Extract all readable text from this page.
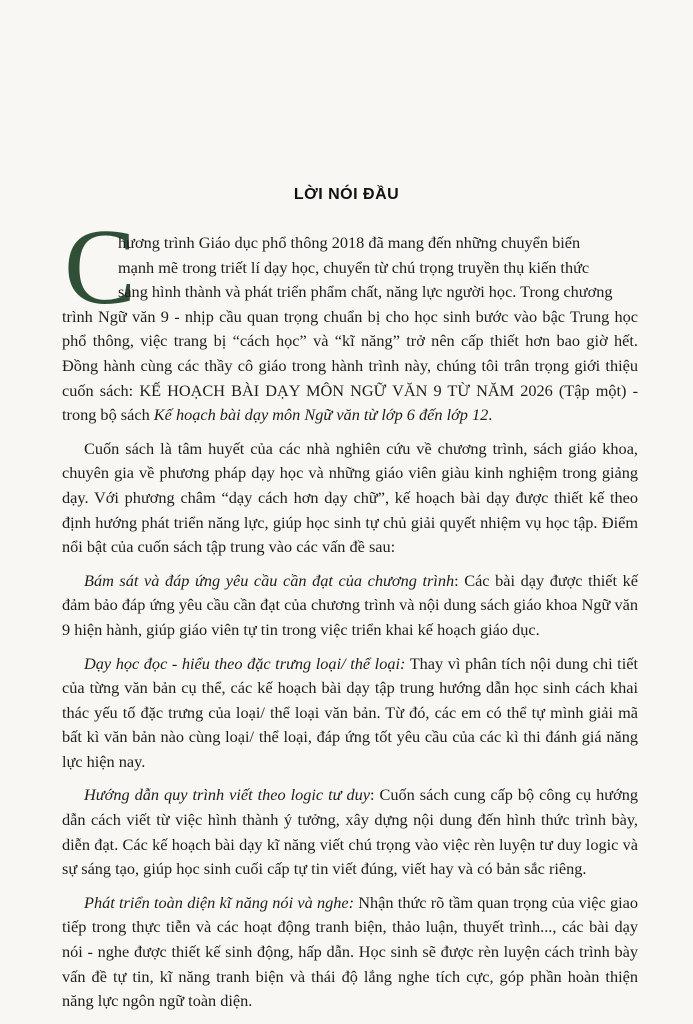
LỜI NÓI ĐẦU
C

hương trình Giáo dục phổ thông 2018 đã mang đến những chuyển biến

mạnh mẽ trong triết lí dạy học, chuyển từ chú trọng truyền thụ kiến thức

sang hình thành và phát triển phẩm chất, năng lực người học. Trong chương

trình Ngữ văn 9 - nhịp cầu quan trọng chuẩn bị cho học sinh bước vào bậc Trung học phổ thông, việc trang bị “cách học” và “kĩ năng” trở nên cấp thiết hơn bao giờ hết. Đồng hành cùng các thầy cô giáo trong hành trình này, chúng tôi trân trọng giới thiệu cuốn sách: KẾ HOẠCH BÀI DẠY MÔN NGỮ VĂN 9 TỪ NĂM 2026 (Tập một) - trong bộ sách Kế hoạch bài dạy môn Ngữ văn từ lớp 6 đến lớp 12.

Cuốn sách là tâm huyết của các nhà nghiên cứu về chương trình, sách giáo khoa, chuyên gia về phương pháp dạy học và những giáo viên giàu kinh nghiệm trong giảng dạy. Với phương châm “dạy cách hơn dạy chữ”, kế hoạch bài dạy được thiết kế theo định hướng phát triển năng lực, giúp học sinh tự chủ giải quyết nhiệm vụ học tập. Điểm nổi bật của cuốn sách tập trung vào các vấn đề sau:

Bám sát và đáp ứng yêu cầu cần đạt của chương trình: Các bài dạy được thiết kế đảm bảo đáp ứng yêu cầu cần đạt của chương trình và nội dung sách giáo khoa Ngữ văn 9 hiện hành, giúp giáo viên tự tin trong việc triển khai kế hoạch giáo dục.

Dạy học đọc - hiểu theo đặc trưng loại/ thể loại: Thay vì phân tích nội dung chi tiết của từng văn bản cụ thể, các kế hoạch bài dạy tập trung hướng dẫn học sinh cách khai thác yếu tố đặc trưng của loại/ thể loại văn bản. Từ đó, các em có thể tự mình giải mã bất kì văn bản nào cùng loại/ thể loại, đáp ứng tốt yêu cầu của các kì thi đánh giá năng lực hiện nay.

Hướng dẫn quy trình viết theo logic tư duy: Cuốn sách cung cấp bộ công cụ hướng dẫn cách viết từ việc hình thành ý tưởng, xây dựng nội dung đến hình thức trình bày, diễn đạt. Các kế hoạch bài dạy kĩ năng viết chú trọng vào việc rèn luyện tư duy logic và sự sáng tạo, giúp học sinh cuối cấp tự tin viết đúng, viết hay và có bản sắc riêng.

Phát triển toàn diện kĩ năng nói và nghe: Nhận thức rõ tầm quan trọng của việc giao tiếp trong thực tiễn và các hoạt động tranh biện, thảo luận, thuyết trình..., các bài dạy nói - nghe được thiết kế sinh động, hấp dẫn. Học sinh sẽ được rèn luyện cách trình bày vấn đề tự tin, kĩ năng tranh biện và thái độ lắng nghe tích cực, góp phần hoàn thiện năng lực ngôn ngữ toàn diện.
